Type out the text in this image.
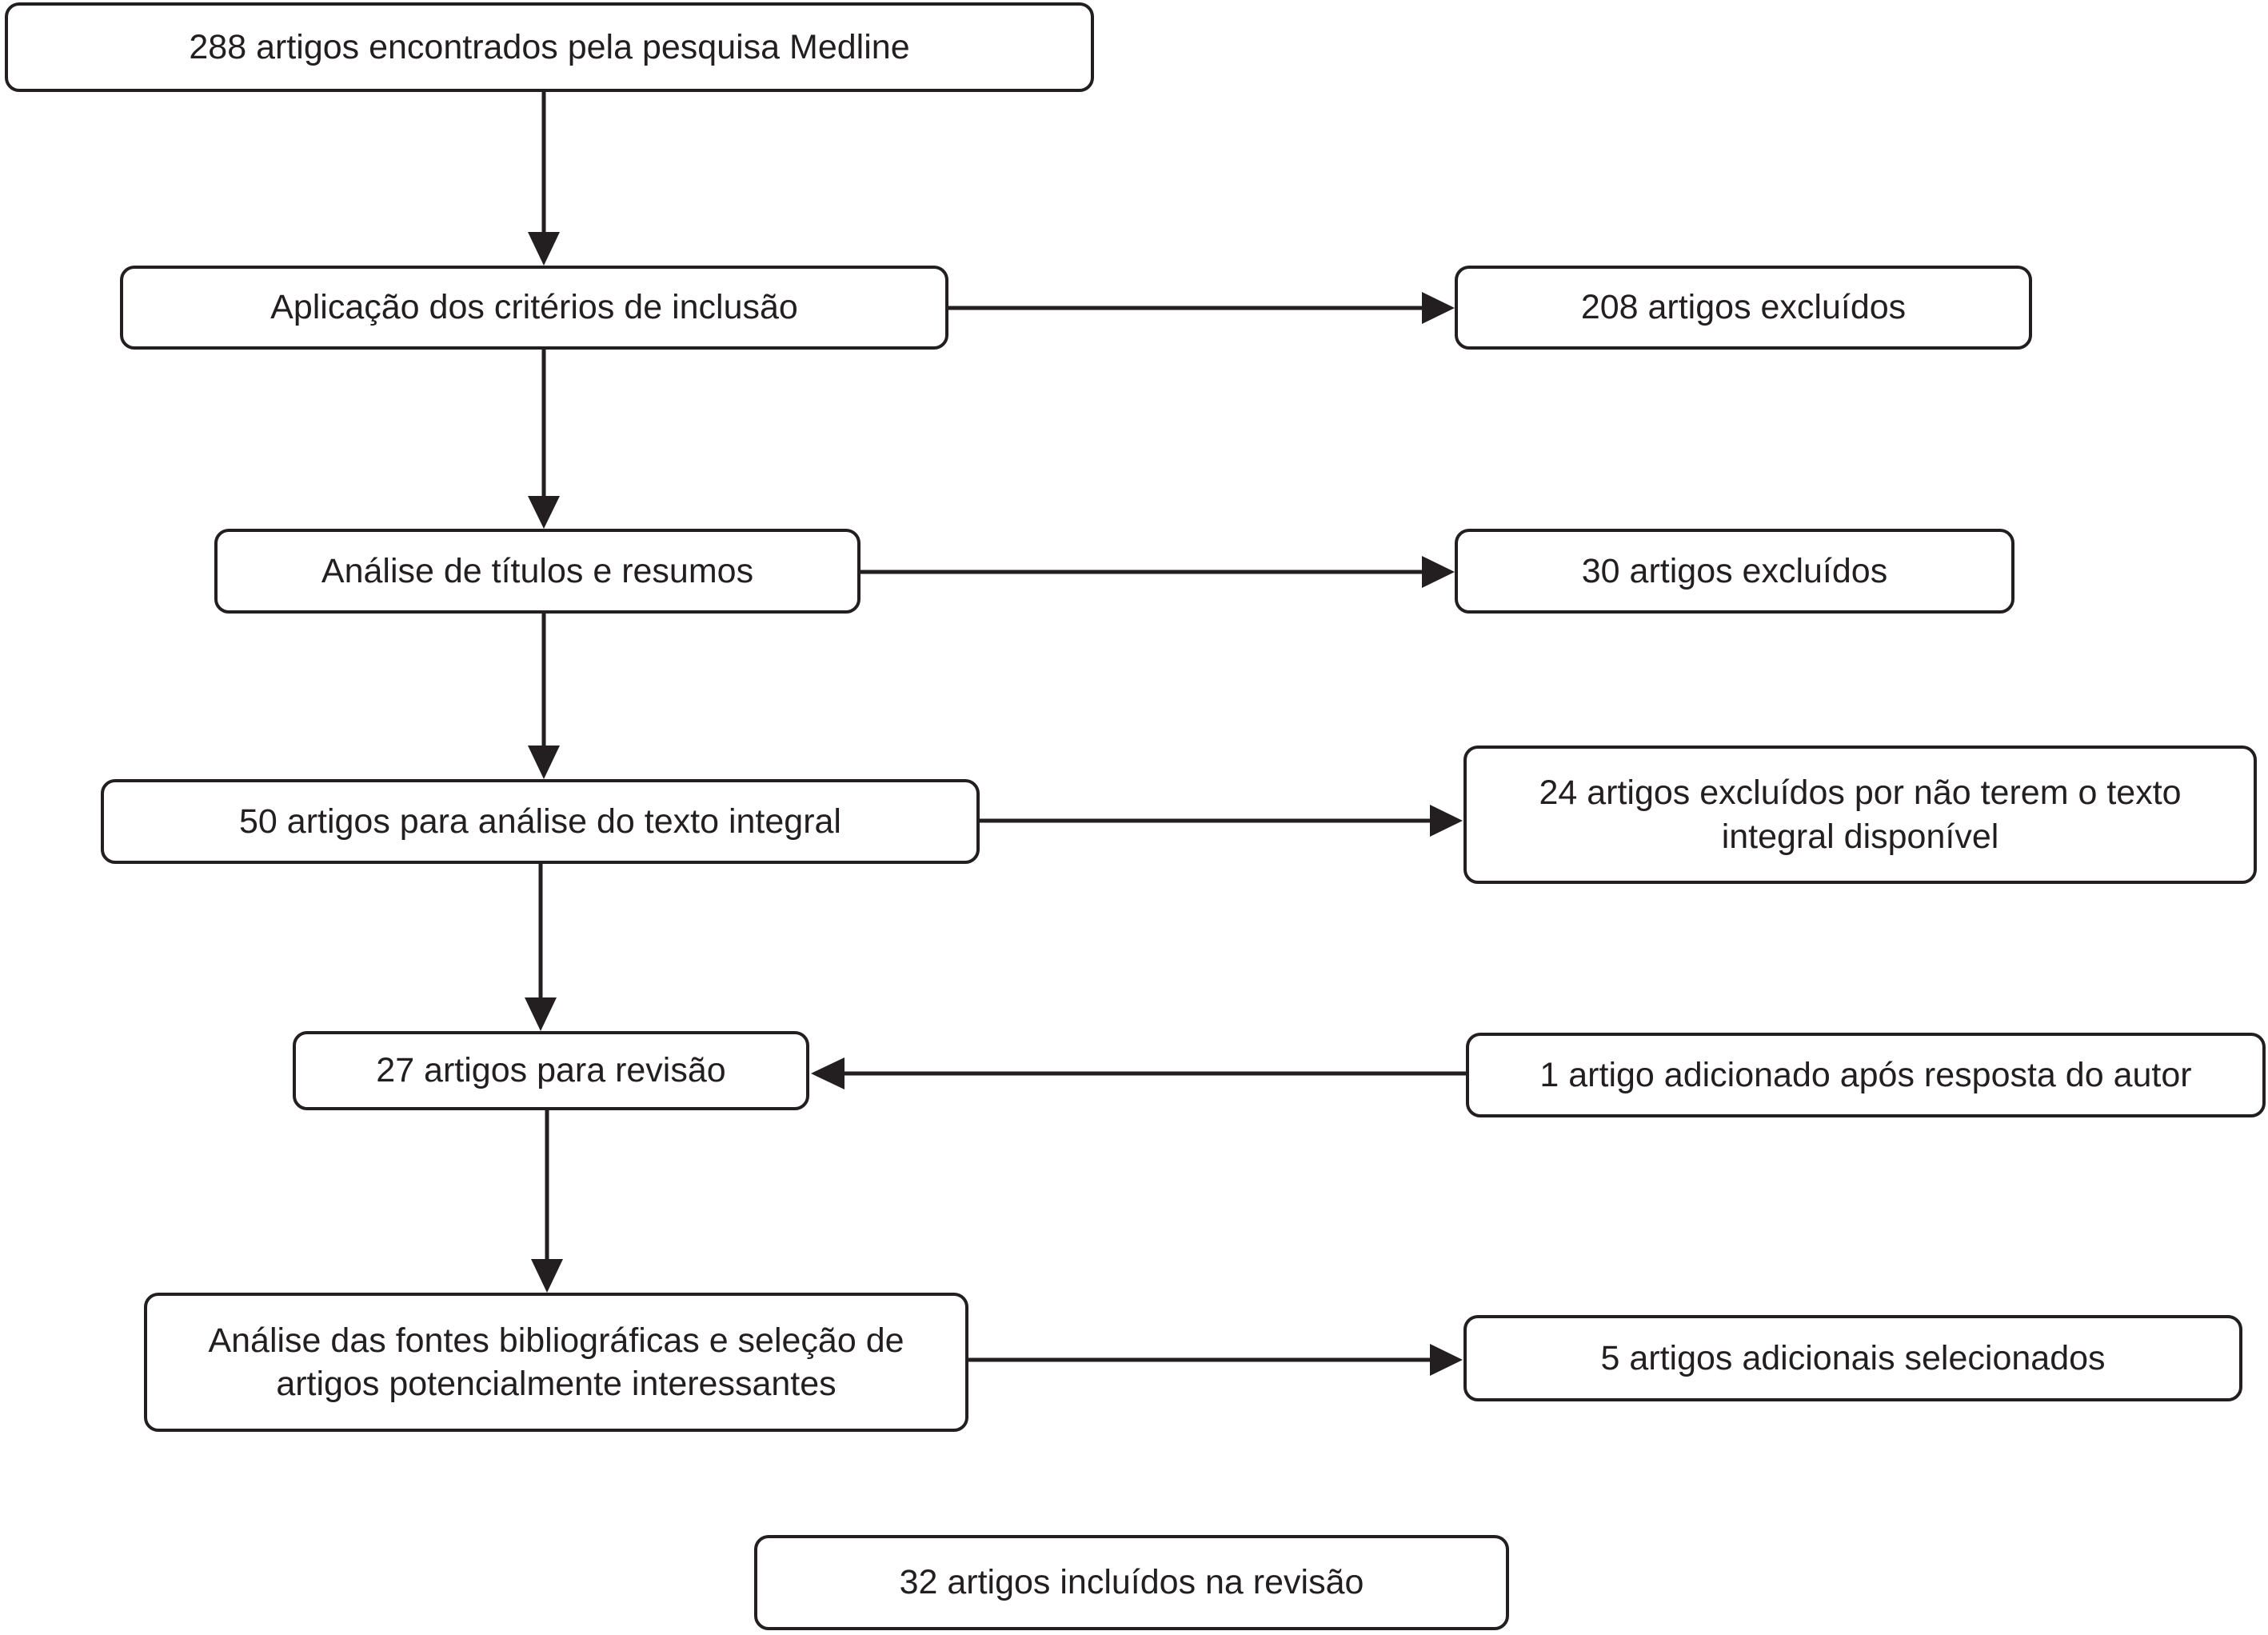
288 artigos encontrados pela pesquisa Medline
Aplicação dos critérios de inclusão	208 artigos excluídos
Análise de títulos e resumos	30 artigos excluídos
50 artigos para análise do texto integral
24 artigos excluídos por não terem o texto integral disponível
27 artigos para revisão	1 artigo adicionado após resposta do autor
Análise das fontes bibliográficas e seleção de artigos potencialmente interessantes
5 artigos adicionais selecionados
32 artigos incluídos na revisão
